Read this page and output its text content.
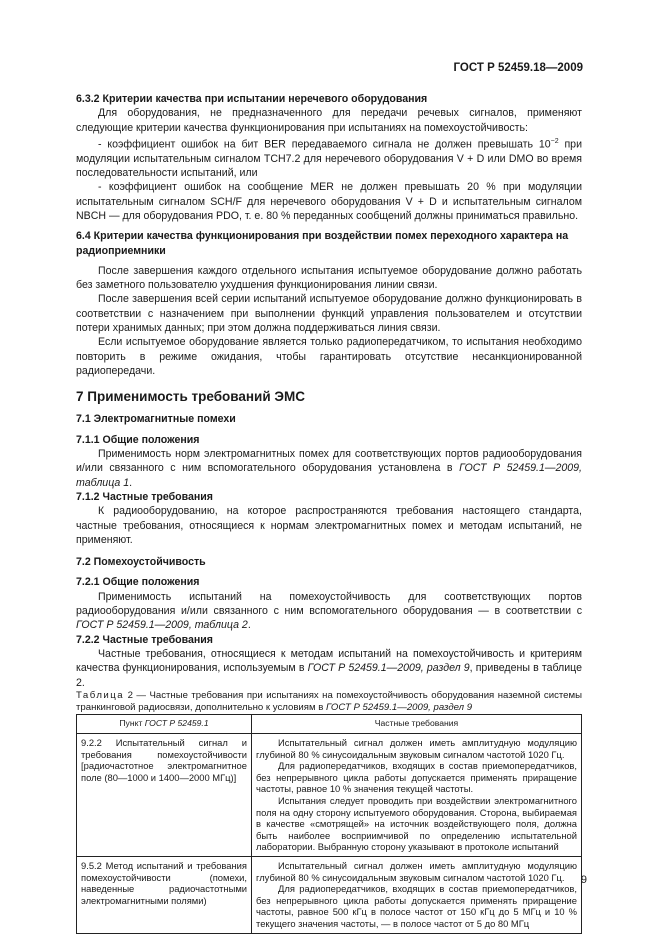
ГОСТ Р 52459.18—2009
6.3.2 Критерии качества при испытании неречевого оборудования

Для оборудования, не предназначенного для передачи речевых сигналов, применяют следующие критерии качества функционирования при испытаниях на помехоустойчивость:

- коэффициент ошибок на бит BER передаваемого сигнала не должен превышать $10^{-2}$ при модуляции испытательным сигналом ТСН7.2 для неречевого оборудования V + D или DMO во время последовательности испытаний, или

- коэффициент ошибок на сообщение MER не должен превышать 20 % при модуляции испытательным сигналом SCH/F для неречевого оборудования V + D и испытательным сигналом NBCH — для оборудования PDO, т. е. 80 % переданных сообщений должны приниматься правильно.

6.4 Критерии качества функционирования при воздействии помех переходного характера на радиоприемники

После завершения каждого отдельного испытания испытуемое оборудование должно работать без заметного пользователю ухудшения функционирования линии связи.

После завершения всей серии испытаний испытуемое оборудование должно функционировать в соответствии с назначением при выполнении функций управления пользователем и отсутствии потери хранимых данных; при этом должна поддерживаться линия связи.

Если испытуемое оборудование является только радиопередатчиком, то испытания необходимо повторить в режиме ожидания, чтобы гарантировать отсутствие несанкционированной радиопередачи.

7 Применимость требований ЭМС
7.1 Электромагнитные помехи
7.1.1 Общие положения

Применимость норм электромагнитных помех для соответствующих портов радиооборудования и/или связанного с ним вспомогательного оборудования установлена в ГОСТ Р 52459.1—2009, таблица 1.

7.1.2 Частные требования

К радиооборудованию, на которое распространяются требования настоящего стандарта, частные требования, относящиеся к нормам электромагнитных помех и методам испытаний, не применяют.

7.2 Помехоустойчивость
7.2.1 Общие положения

Применимость испытаний на помехоустойчивость для соответствующих портов радиооборудования и/или связанного с ним вспомогательного оборудования — в соответствии с ГОСТ Р 52459.1—2009, таблица 2.

7.2.2 Частные требования

Частные требования, относящиеся к методам испытаний на помехоустойчивость и критериям качества функционирования, используемым в ГОСТ Р 52459.1—2009, раздел 9, приведены в таблице 2.

Таблица 2 — Частные требования при испытаниях на помехоустойчивость оборудования наземной системы транкинговой радиосвязи, дополнительно к условиям в ГОСТ Р 52459.1—2009, раздел 9

Пункт ГОСТ Р 52459.1	Частные требования
9.2.2 Испытательный сигнал и требования помехоустойчивости [радиочастотное электромагнитное поле (80—1000 и 1400—2000 МГц)]	Испытательный сигнал должен иметь амплитудную модуляцию глубиной 80 % синусоидальным звуковым сигналом частотой 1020 Гц.

Для радиопередатчиков, входящих в состав приемопередатчиков, без непрерывного цикла работы допускается применять приращение частоты, равное 10 % значения текущей частоты.

Испытания следует проводить при воздействии электромагнитного поля на одну сторону испытуемого оборудования. Сторона, выбираемая в качестве «смотрящей» на источник воздействующего поля, должна быть наиболее восприимчивой по определению испытательной лаборатории. Выбранную сторону указывают в протоколе испытаний

9.5.2 Метод испытаний и требования помехоустойчивости (помехи, наведенные радиочастотными электромагнитными полями)	Испытательный сигнал должен иметь амплитудную модуляцию глубиной 80 % синусоидальным звуковым сигналом частотой 1020 Гц.

Для радиопередатчиков, входящих в состав приемопередатчиков, без непрерывного цикла работы допускается применять приращение частоты, равное 500 кГц в полосе частот от 150 кГц до 5 МГц и 10 % текущего значения частоты, — в полосе частот от 5 до 80 МГц

9
